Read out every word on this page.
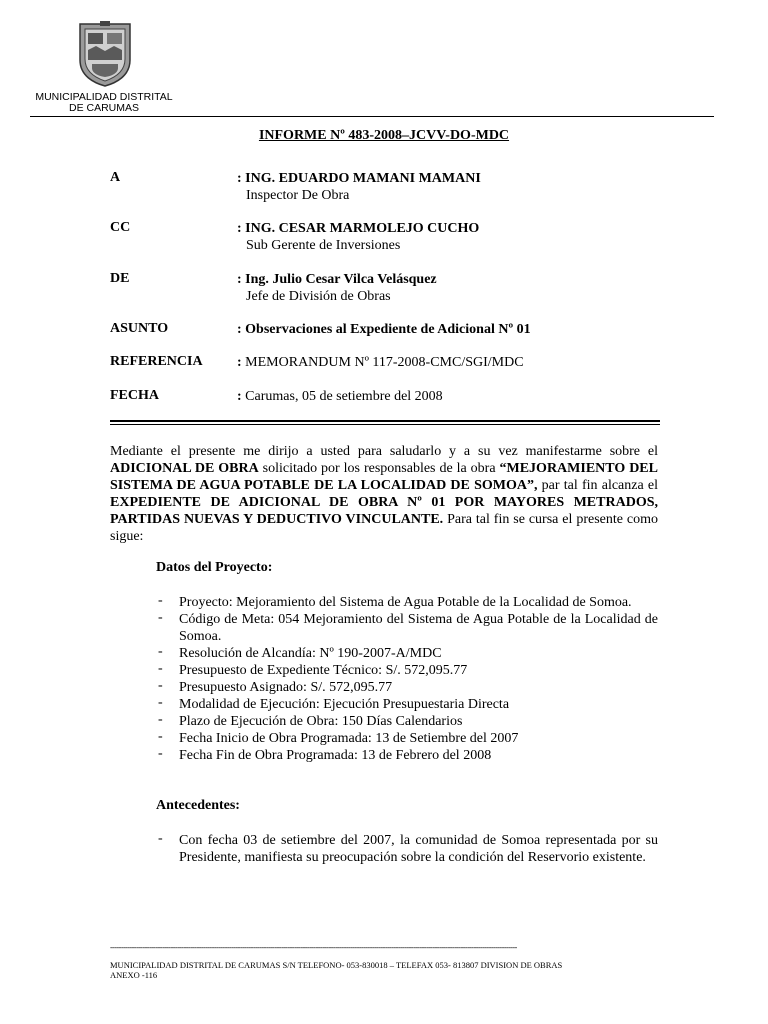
MUNICIPALIDAD DISTRITAL
DE CARUMAS
INFORME Nº 483-2008–JCVV-DO-MDC
A	: ING. EDUARDO MAMANI MAMANI
Inspector De Obra
CC	: ING. CESAR MARMOLEJO CUCHO
Sub Gerente de Inversiones
DE	: Ing. Julio Cesar Vilca Velásquez
Jefe de División de Obras
ASUNTO	: Observaciones al Expediente de Adicional Nº 01
REFERENCIA : MEMORANDUM Nº 117-2008-CMC/SGI/MDC
FECHA	: Carumas, 05 de setiembre del 2008
Mediante el presente me dirijo a usted para saludarlo y a su vez manifestarme sobre el ADICIONAL DE OBRA solicitado por los responsables de la obra “MEJORAMIENTO DEL SISTEMA DE AGUA POTABLE DE LA LOCALIDAD DE SOMOA”, par tal fin alcanza el EXPEDIENTE DE ADICIONAL DE OBRA Nº 01 POR MAYORES METRADOS, PARTIDAS NUEVAS Y DEDUCTIVO VINCULANTE. Para tal fin se cursa el presente como sigue:
Datos del Proyecto:
- Proyecto: Mejoramiento del Sistema de Agua Potable de la Localidad de Somoa.
- Código de Meta: 054 Mejoramiento del Sistema de Agua Potable de la Localidad de Somoa.
- Resolución de Alcandía: Nº 190-2007-A/MDC
- Presupuesto de Expediente Técnico: S/. 572,095.77
- Presupuesto Asignado: S/. 572,095.77
- Modalidad de Ejecución: Ejecución Presupuestaria Directa
- Plazo de Ejecución de Obra: 150 Días Calendarios
- Fecha Inicio de Obra Programada: 13 de Setiembre del 2007
- Fecha Fin de Obra Programada: 13 de Febrero del 2008
Antecedentes:
- Con fecha 03 de setiembre del 2007, la comunidad de Somoa representada por su Presidente, manifiesta su preocupación sobre la condición del Reservorio existente.
--------------------------------------------------------------------------------------------------------------------------------------------------------------------------------------------
MUNICIPALIDAD DISTRITAL DE CARUMAS S/N TELEFONO- 053-830018 – TELEFAX 053- 813807 DIVISION DE OBRAS
ANEXO -116
